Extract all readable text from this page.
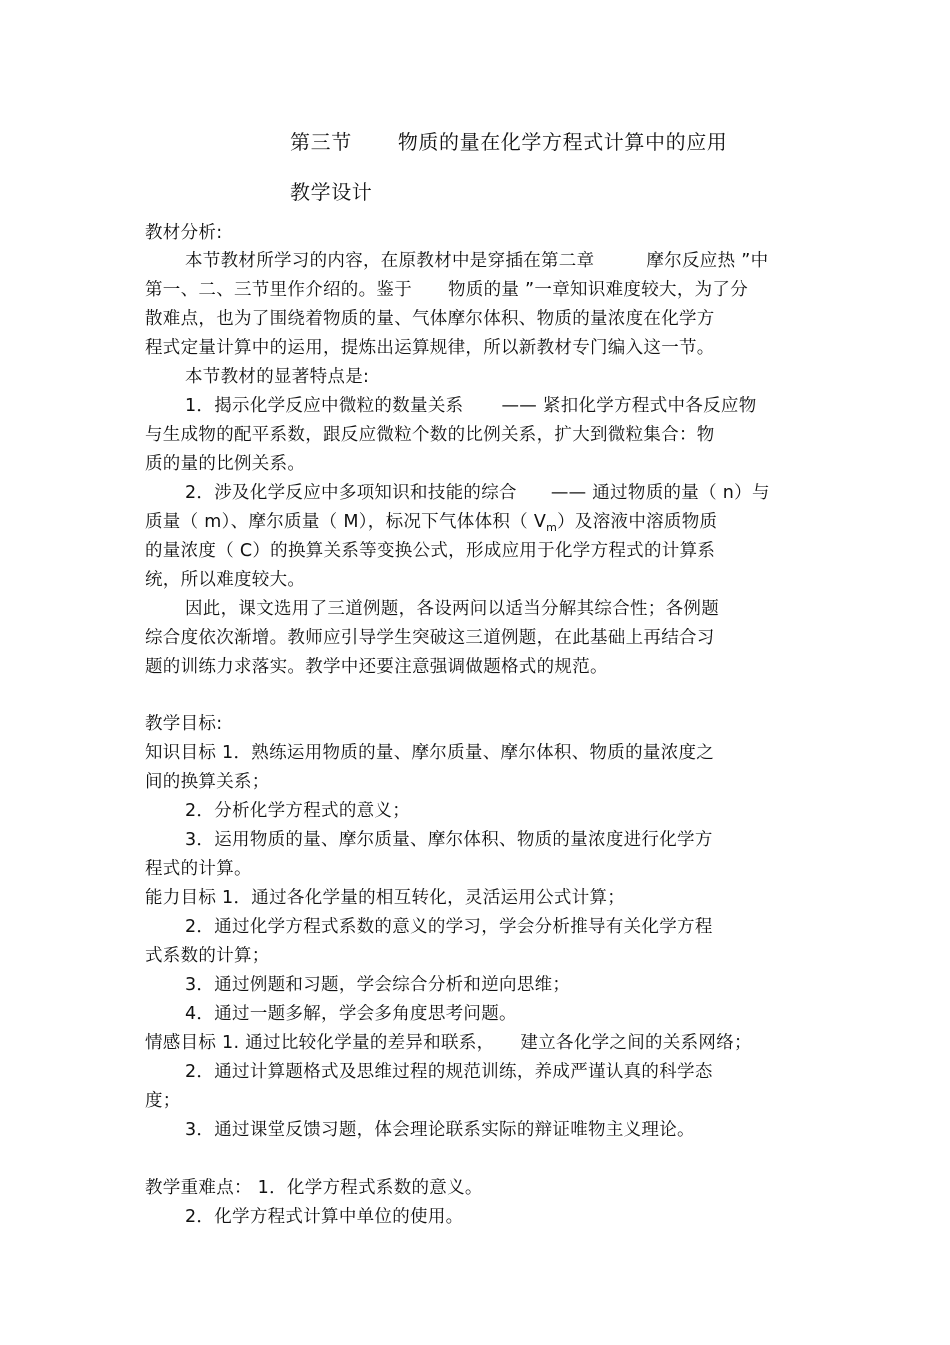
第三节 物质的量在化学方程式计算中的应用
教学设计
教材分析:
本节教材所学习的内容，在原教材中是穿插在第二章	摩尔反应热 ”中
第一、二、三节里作介绍的。鉴于 物质的量 ”一章知识难度较大，为了分
散难点，也为了围绕着物质的量、气体摩尔体积、物质的量浓度在化学方
程式定量计算中的运用，提炼出运算规律，所以新教材专门编入这一节。
本节教材的显著特点是:
1．揭示化学反应中微粒的数量关系 —— 紧扣化学方程式中各反应物
与生成物的配平系数，跟反应微粒个数的比例关系，扩大到微粒集合：物
质的量的比例关系。
2．涉及化学反应中多项知识和技能的综合 —— 通过物质的量（ n）与
质量（ m）、摩尔质量（ M），标况下气体体积（ $V_m$）及溶液中溶质物质
的量浓度（ C）的换算关系等变换公式，形成应用于化学方程式的计算系
统，所以难度较大。
因此，课文选用了三道例题，各设两问以适当分解其综合性；各例题
综合度依次渐增。教师应引导学生突破这三道例题，在此基础上再结合习
题的训练力求落实。教学中还要注意强调做题格式的规范。
教学目标:
知识目标 1．熟练运用物质的量、摩尔质量、摩尔体积、物质的量浓度之
间的换算关系；
2．分析化学方程式的意义；
3．运用物质的量、摩尔质量、摩尔体积、物质的量浓度进行化学方
程式的计算。
能力目标 1．通过各化学量的相互转化，灵活运用公式计算；
2．通过化学方程式系数的意义的学习，学会分析推导有关化学方程
式系数的计算；
3．通过例题和习题，学会综合分析和逆向思维；
4．通过一题多解，学会多角度思考问题。
情感目标 1. 通过比较化学量的差异和联系， 建立各化学之间的关系网络；
2．通过计算题格式及思维过程的规范训练，养成严谨认真的科学态
度；
3．通过课堂反馈习题，体会理论联系实际的辩证唯物主义理论。
教学重难点： 1．化学方程式系数的意义。
2．化学方程式计算中单位的使用。
